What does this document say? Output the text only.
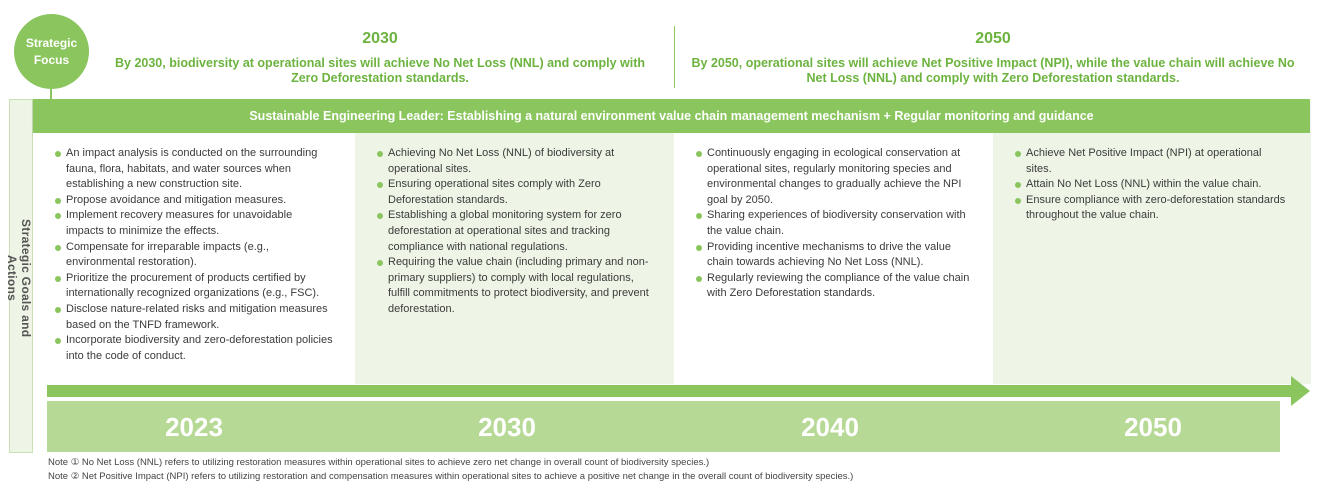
Strategic
Focus
2030
By 2030, biodiversity at operational sites will achieve No Net Loss (NNL) and comply with Zero Deforestation standards.
2050
By 2050, operational sites will achieve Net Positive Impact (NPI), while the value chain will achieve No Net Loss (NNL) and comply with Zero Deforestation standards.
Strategic Goals and Actions
Sustainable Engineering Leader: Establishing a natural environment value chain management mechanism + Regular monitoring and guidance
An impact analysis is conducted on the surrounding fauna, flora, habitats, and water sources when establishing a new construction site.
Propose avoidance and mitigation measures.
Implement recovery measures for unavoidable impacts to minimize the effects.
Compensate for irreparable impacts (e.g., environmental restoration).
Prioritize the procurement of products certified by internationally recognized organizations (e.g., FSC).
Disclose nature-related risks and mitigation measures based on the TNFD framework.
Incorporate biodiversity and zero-deforestation policies into the code of conduct.
Achieving No Net Loss (NNL) of biodiversity at operational sites.
Ensuring operational sites comply with Zero Deforestation standards.
Establishing a global monitoring system for zero deforestation at operational sites and tracking compliance with national regulations.
Requiring the value chain (including primary and non-primary suppliers) to comply with local regulations, fulfill commitments to protect biodiversity, and prevent deforestation.
Continuously engaging in ecological conservation at operational sites, regularly monitoring species and environmental changes to gradually achieve the NPI goal by 2050.
Sharing experiences of biodiversity conservation with the value chain.
Providing incentive mechanisms to drive the value chain towards achieving No Net Loss (NNL).
Regularly reviewing the compliance of the value chain with Zero Deforestation standards.
Achieve Net Positive Impact (NPI) at operational sites.
Attain No Net Loss (NNL) within the value chain.
Ensure compliance with zero-deforestation standards throughout the value chain.
2023	2030	2040	2050
Note ① No Net Loss (NNL) refers to utilizing restoration measures within operational sites to achieve zero net change in overall count of biodiversity species.)
Note ② Net Positive Impact (NPI) refers to utilizing restoration and compensation measures within operational sites to achieve a positive net change in the overall count of biodiversity species.)
